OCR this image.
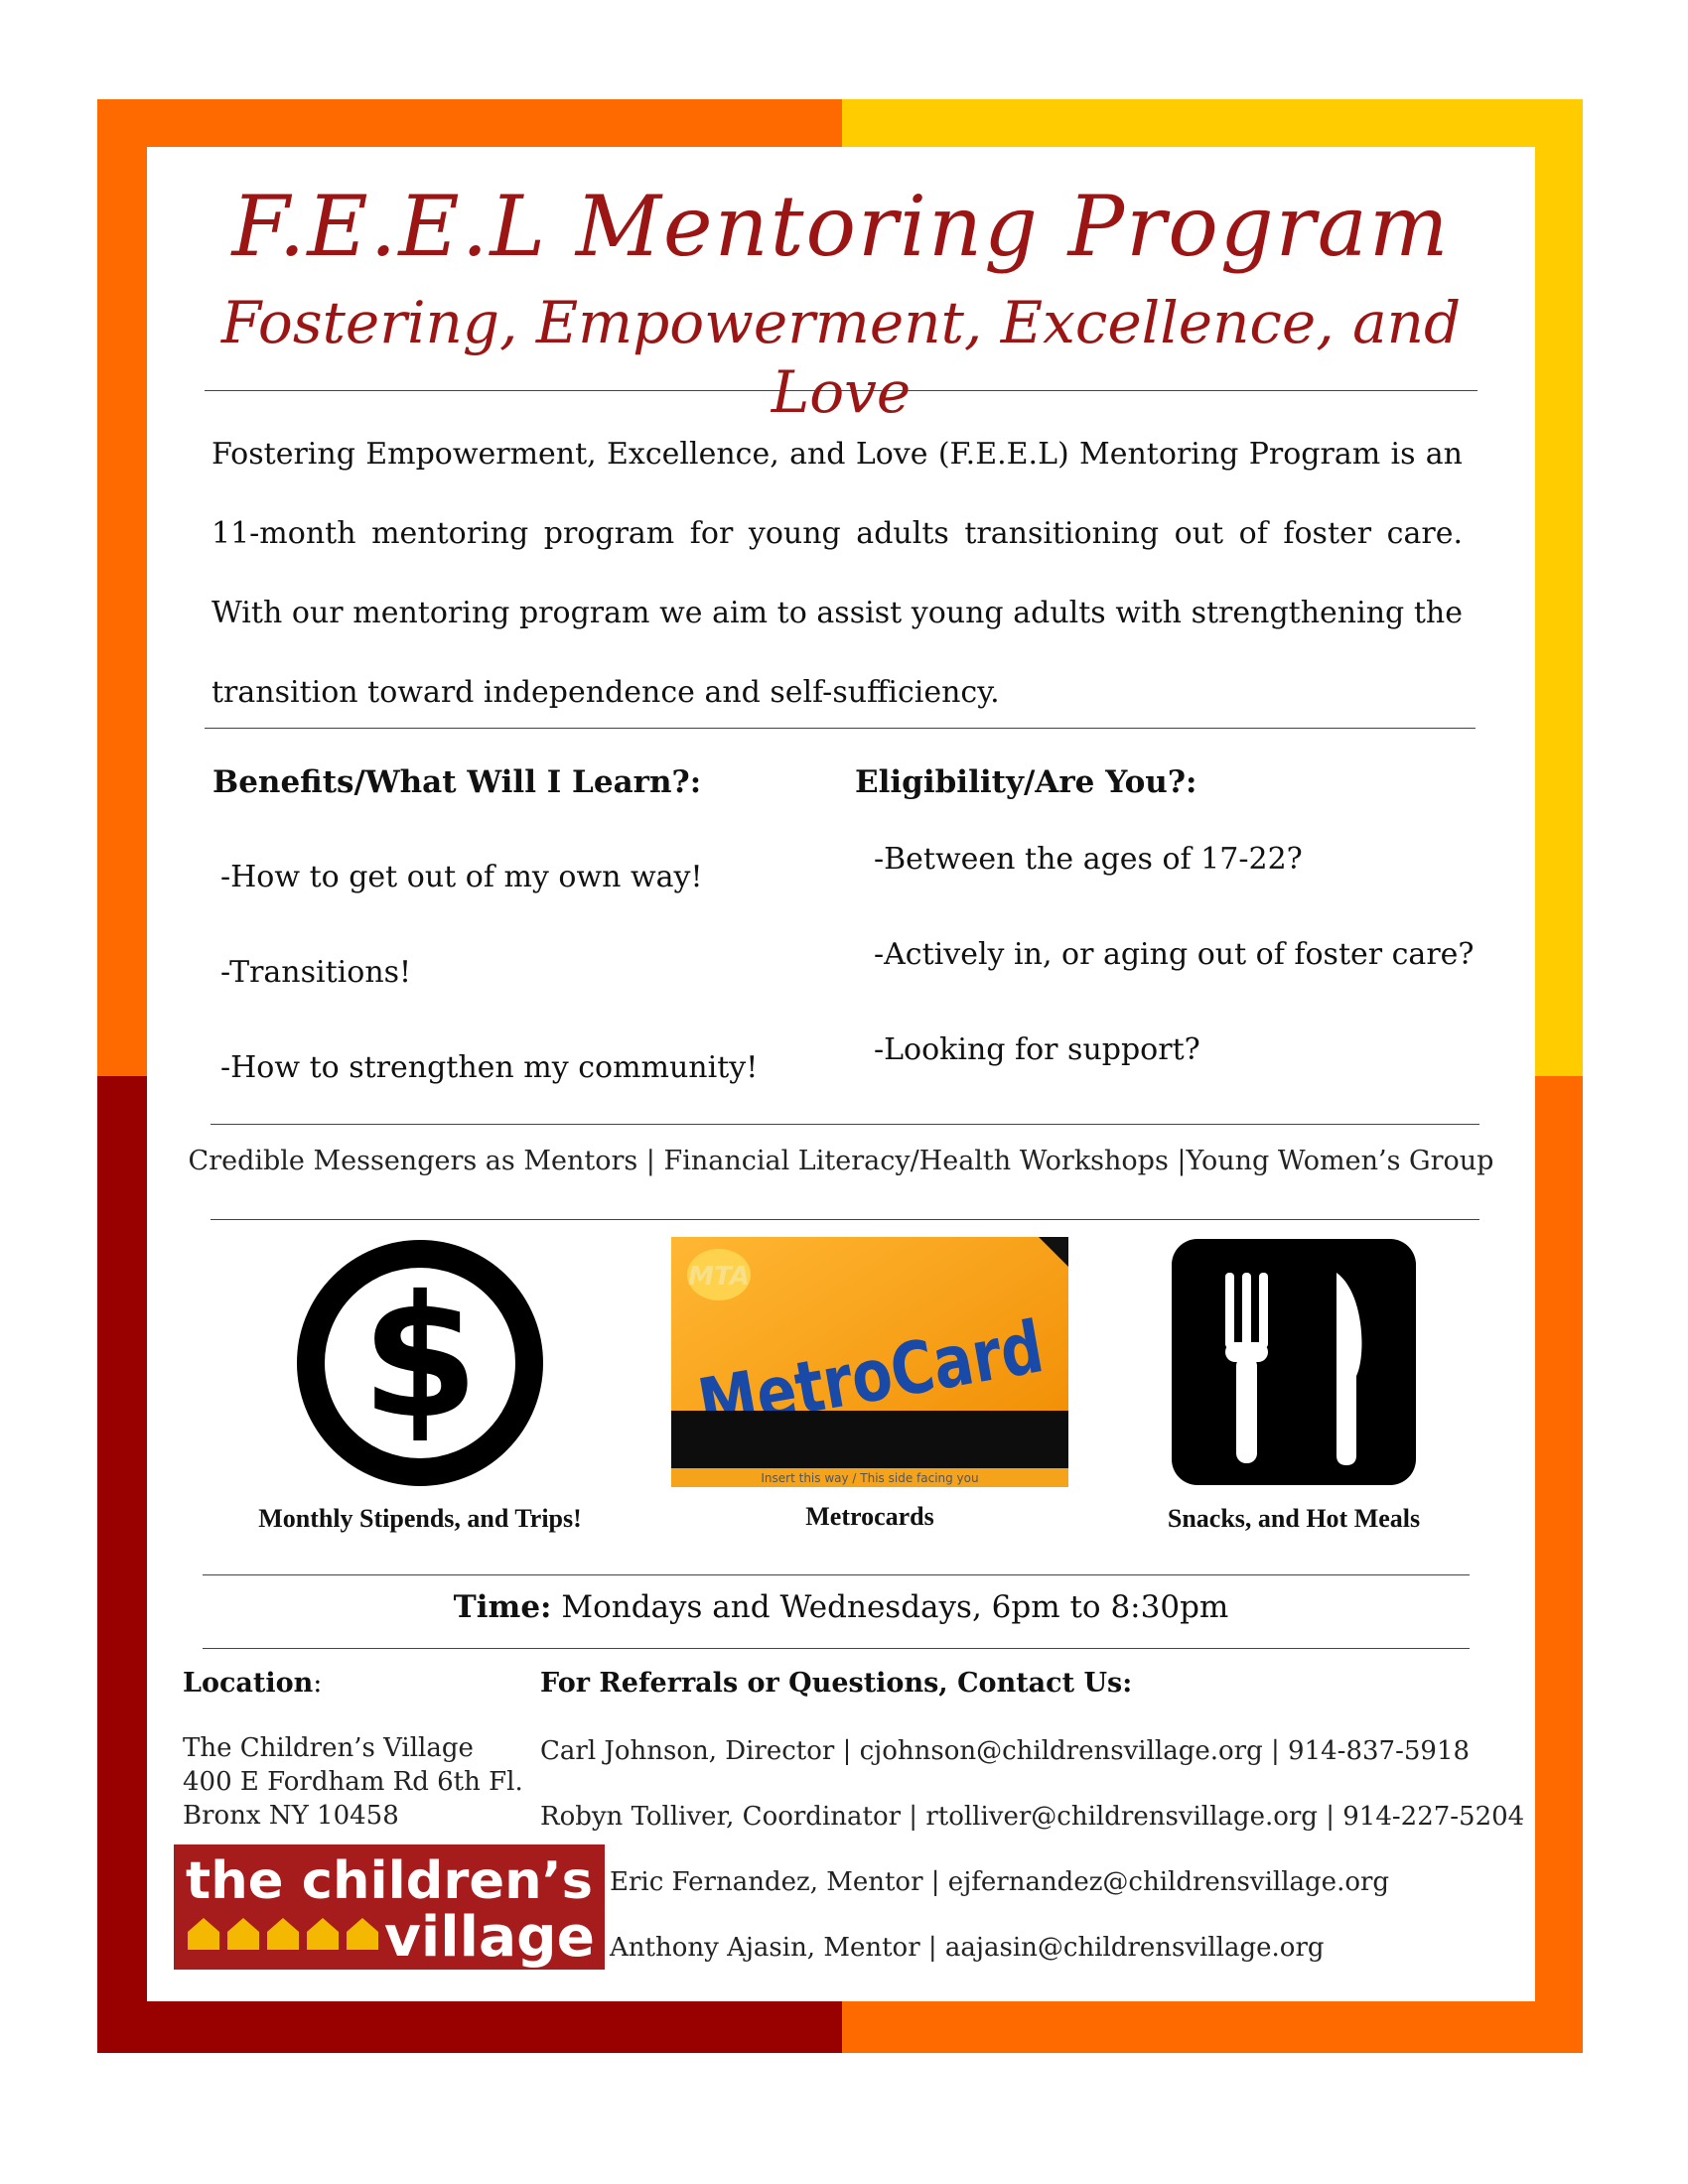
F.E.E.L Mentoring Program
Fostering, Empowerment, Excellence, and Love
Fostering Empowerment, Excellence, and Love (F.E.E.L) Mentoring Program is an 11-month mentoring program for young adults transitioning out of foster care. With our mentoring program we aim to assist young adults with strengthening the transition toward independence and self-sufficiency.
Benefits/What Will I Learn?:
-How to get out of my own way!
-Transitions!
-How to strengthen my community!
Eligibility/Are You?:
-Between the ages of 17-22?
-Actively in, or aging out of foster care?
-Looking for support?
Credible Messengers as Mentors | Financial Literacy/Health Workshops |Young Women’s Group
$	MTA
MetroCard
Insert this way / This side facing you
Monthly Stipends, and Trips!	Metrocards	Snacks, and Hot Meals
Time: Mondays and Wednesdays, 6pm to 8:30pm
Location:
The Children’s Village
400 E Fordham Rd 6th Fl.
Bronx NY 10458
For Referrals or Questions, Contact Us:
Carl Johnson, Director | cjohnson@childrensvillage.org | 914-837-5918
Robyn Tolliver, Coordinator | rtolliver@childrensvillage.org | 914-227-5204
Eric Fernandez, Mentor | ejfernandez@childrensvillage.org
Anthony Ajasin, Mentor | aajasin@childrensvillage.org
the children’s
village
